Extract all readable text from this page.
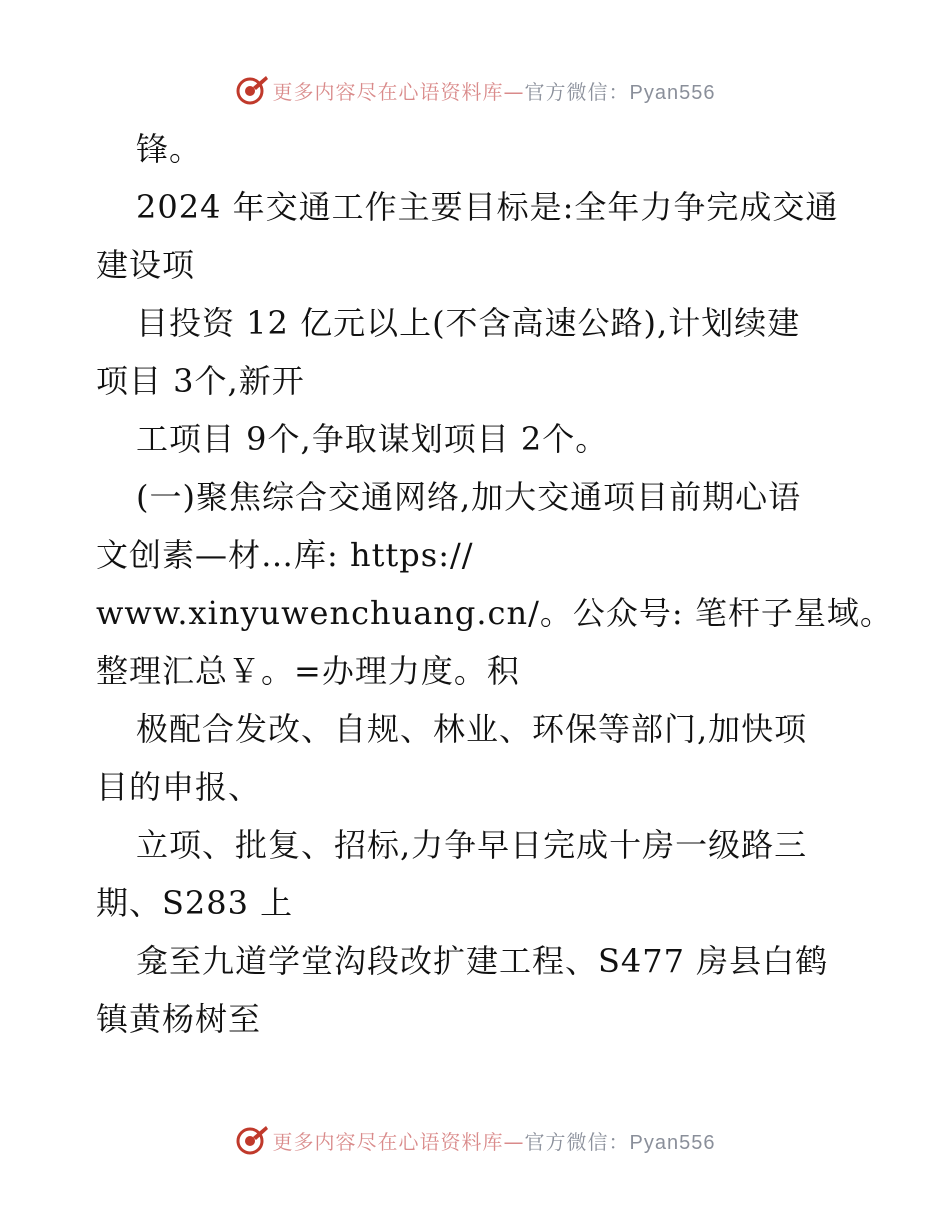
更多内容尽在心语资料库—官方微信：Pyan556
锋。
2024 年交通工作主要目标是:全年力争完成交通
建设项
目投资 12 亿元以上(不含高速公路),计划续建
项目 3个,新开
工项目 9个,争取谋划项目 2个。
(一)聚焦综合交通网络,加大交通项目前期心语
文创素—材…库: https://
www.xinyuwenchuang.cn/。公众号: 笔杆子星域。
整理汇总￥。=办理力度。积
极配合发改、自规、林业、环保等部门,加快项
目的申报、
立项、批复、招标,力争早日完成十房一级路三
期、S283 上
龛至九道学堂沟段改扩建工程、S477 房县白鹤
镇黄杨树至
更多内容尽在心语资料库—官方微信：Pyan556
